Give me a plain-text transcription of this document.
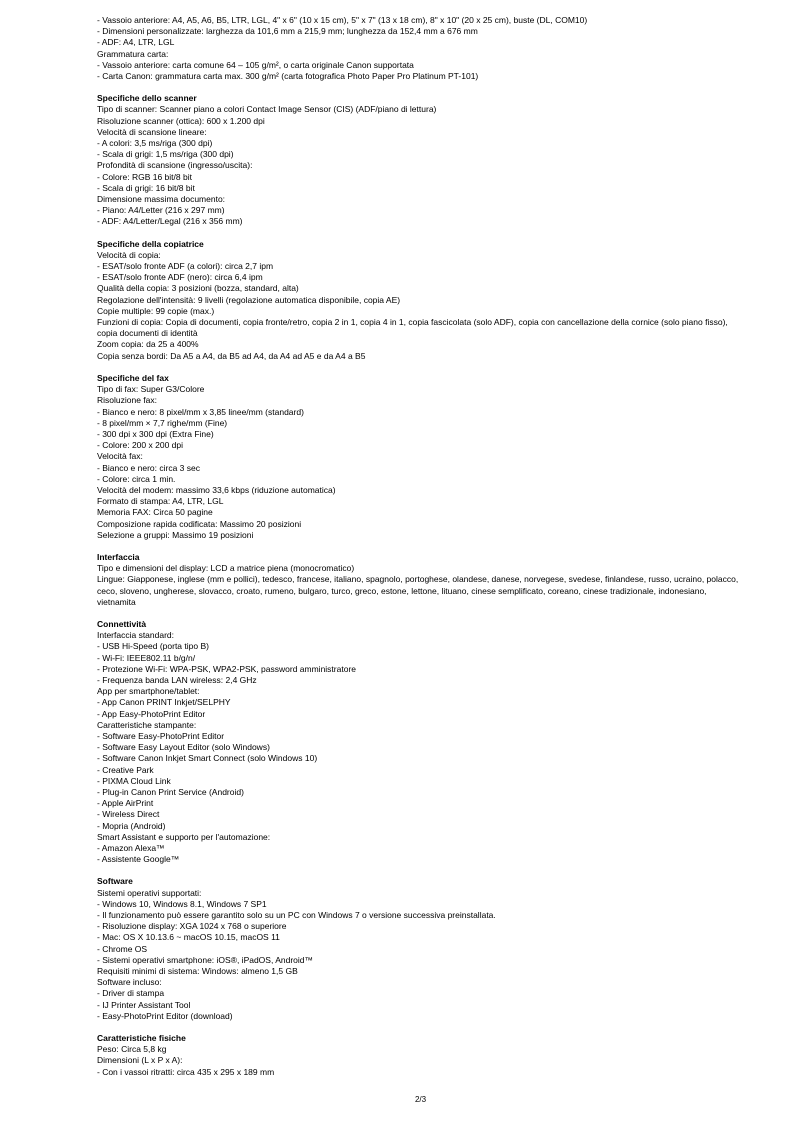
- Vassoio anteriore: A4, A5, A6, B5, LTR, LGL, 4" x 6" (10 x 15 cm), 5" x 7" (13 x 18 cm), 8" x 10" (20 x 25 cm), buste (DL, COM10)
- Dimensioni personalizzate: larghezza da 101,6 mm a 215,9 mm; lunghezza da 152,4 mm a 676 mm
- ADF: A4, LTR, LGL
Grammatura carta:
- Vassoio anteriore: carta comune 64 – 105 g/m², o carta originale Canon supportata
- Carta Canon: grammatura carta max. 300 g/m² (carta fotografica Photo Paper Pro Platinum PT-101)
Specifiche dello scanner
Tipo di scanner: Scanner piano a colori Contact Image Sensor (CIS) (ADF/piano di lettura)
Risoluzione scanner (ottica): 600 x 1.200 dpi
Velocità di scansione lineare:
- A colori: 3,5 ms/riga (300 dpi)
- Scala di grigi: 1,5 ms/riga (300 dpi)
Profondità di scansione (ingresso/uscita):
- Colore: RGB 16 bit/8 bit
- Scala di grigi: 16 bit/8 bit
Dimensione massima documento:
- Piano: A4/Letter (216 x 297 mm)
- ADF: A4/Letter/Legal (216 x 356 mm)
Specifiche della copiatrice
Velocità di copia:
- ESAT/solo fronte ADF (a colori): circa 2,7 ipm
- ESAT/solo fronte ADF (nero): circa 6,4 ipm
Qualità della copia: 3 posizioni (bozza, standard, alta)
Regolazione dell'intensità: 9 livelli (regolazione automatica disponibile, copia AE)
Copie multiple: 99 copie (max.)
Funzioni di copia: Copia di documenti, copia fronte/retro, copia 2 in 1, copia 4 in 1, copia fascicolata (solo ADF), copia con cancellazione della cornice (solo piano fisso), copia documenti di identità
Zoom copia: da 25 a 400%
Copia senza bordi: Da A5 a A4, da B5 ad A4, da A4 ad A5 e da A4 a B5
Specifiche del fax
Tipo di fax: Super G3/Colore
Risoluzione fax:
- Bianco e nero: 8 pixel/mm x 3,85 linee/mm (standard)
- 8 pixel/mm × 7,7 righe/mm (Fine)
- 300 dpi x 300 dpi (Extra Fine)
- Colore: 200 x 200 dpi
Velocità fax:
- Bianco e nero: circa 3 sec
- Colore: circa 1 min.
Velocità del modem: massimo 33,6 kbps (riduzione automatica)
Formato di stampa: A4, LTR, LGL
Memoria FAX: Circa 50 pagine
Composizione rapida codificata: Massimo 20 posizioni
Selezione a gruppi: Massimo 19 posizioni
Interfaccia
Tipo e dimensioni del display: LCD a matrice piena (monocromatico)
Lingue: Giapponese, inglese (mm e pollici), tedesco, francese, italiano, spagnolo, portoghese, olandese, danese, norvegese, svedese, finlandese, russo, ucraino, polacco, ceco, sloveno, ungherese, slovacco, croato, rumeno, bulgaro, turco, greco, estone, lettone, lituano, cinese semplificato, coreano, cinese tradizionale, indonesiano, vietnamita
Connettività
Interfaccia standard:
- USB Hi-Speed (porta tipo B)
- Wi-Fi: IEEE802.11 b/g/n/
- Protezione Wi-Fi: WPA-PSK, WPA2-PSK, password amministratore
- Frequenza banda LAN wireless: 2,4 GHz
App per smartphone/tablet:
- App Canon PRINT Inkjet/SELPHY
- App Easy-PhotoPrint Editor
Caratteristiche stampante:
- Software Easy-PhotoPrint Editor
- Software Easy Layout Editor (solo Windows)
- Software Canon Inkjet Smart Connect (solo Windows 10)
- Creative Park
- PIXMA Cloud Link
- Plug-in Canon Print Service (Android)
- Apple AirPrint
- Wireless Direct
- Mopria (Android)
Smart Assistant e supporto per l'automazione:
- Amazon Alexa™
- Assistente Google™
Software
Sistemi operativi supportati:
- Windows 10, Windows 8.1, Windows 7 SP1
- Il funzionamento può essere garantito solo su un PC con Windows 7 o versione successiva preinstallata.
- Risoluzione display: XGA 1024 x 768 o superiore
- Mac: OS X 10.13.6 ~ macOS 10.15, macOS 11
- Chrome OS
- Sistemi operativi smartphone: iOS®, iPadOS, Android™
Requisiti minimi di sistema: Windows: almeno 1,5 GB
Software incluso:
- Driver di stampa
- IJ Printer Assistant Tool
- Easy-PhotoPrint Editor (download)
Caratteristiche fisiche
Peso: Circa 5,8 kg
Dimensioni (L x P x A):
- Con i vassoi ritratti: circa 435 x 295 x 189 mm
2/3
